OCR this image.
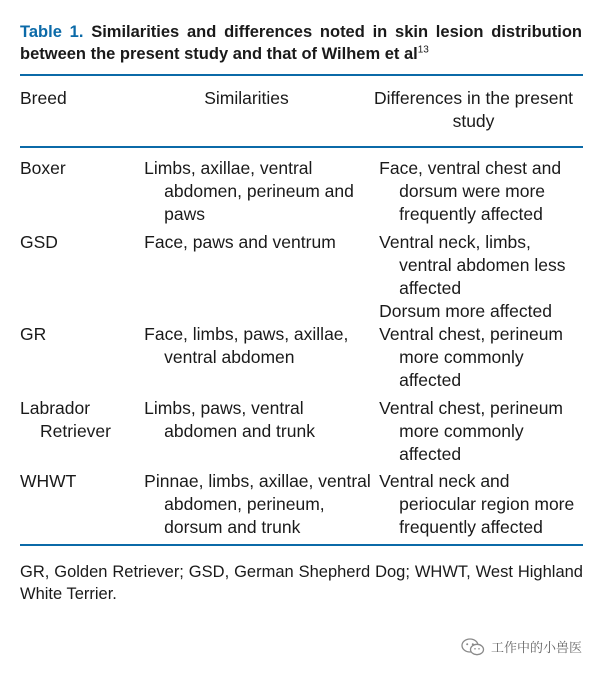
Table 1. Similarities and differences noted in skin lesion distribution between the present study and that of Wilhem et $al^{13}$
Breed	Similarities	Differences in the present study
Boxer	Limbs, axillae, ventral abdomen, perineum and paws	Face, ventral chest and dorsum were more frequently affected

GSD	Face, paws and ventrum	Ventral neck, limbs, ventral abdomen less affected
Dorsum more affected

GR	Face, limbs, paws, axillae, ventral abdomen	Ventral chest, perineum more commonly affected

Labrador Retriever	Limbs, paws, ventral abdomen and trunk	Ventral chest, perineum more commonly affected

WHWT	Pinnae, limbs, axillae, ventral abdomen, perineum, dorsum and trunk	Ventral neck and periocular region more frequently affected
GR, Golden Retriever; GSD, German Shepherd Dog; WHWT, West Highland White Terrier.
工作中的小兽医
